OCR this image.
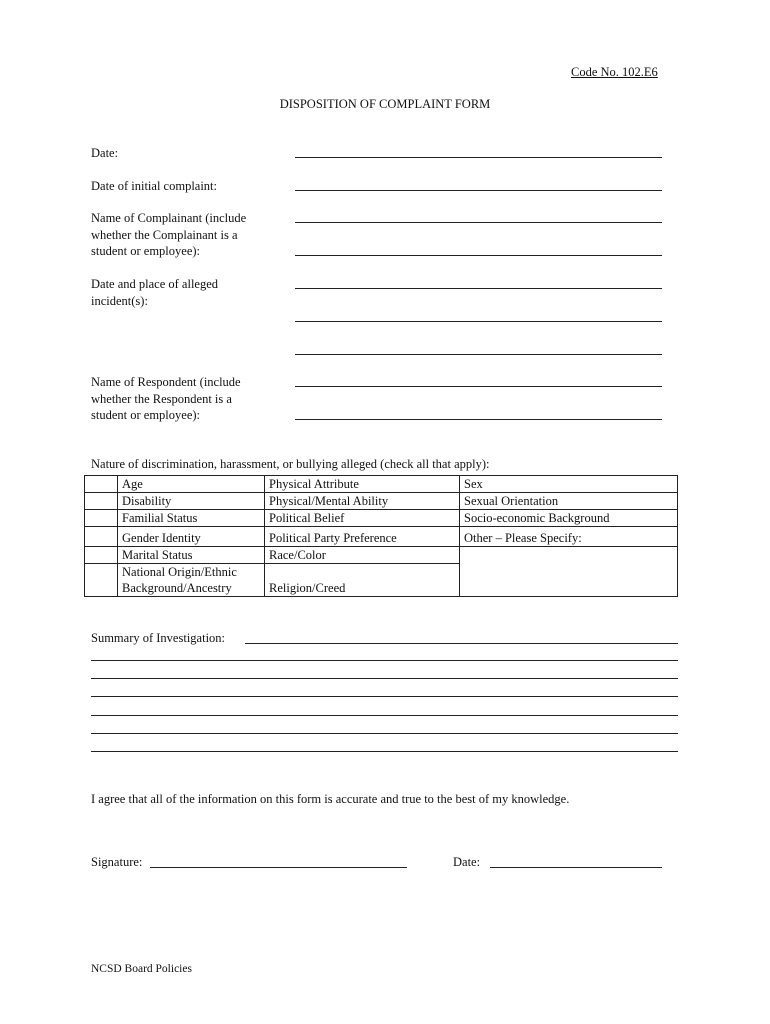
Code No. 102.E6
DISPOSITION OF COMPLAINT FORM
Date:
Date of initial complaint:
Name of Complainant (include whether the Complainant is a student or employee):
Date and place of alleged incident(s):
Name of Respondent (include whether the Respondent is a student or employee):
Nature of discrimination, harassment, or bullying alleged (check all that apply):
	Age	Physical Attribute	Sex
	Disability	Physical/Mental Ability	Sexual Orientation
	Familial Status	Political Belief	Socio-economic Background
	Gender Identity	Political Party Preference	Other – Please Specify:
	Marital Status	Race/Color	
	National Origin/Ethnic Background/Ancestry	Religion/Creed	
Summary of Investigation:
I agree that all of the information on this form is accurate and true to the best of my knowledge.
Signature:	Date:
NCSD Board Policies
